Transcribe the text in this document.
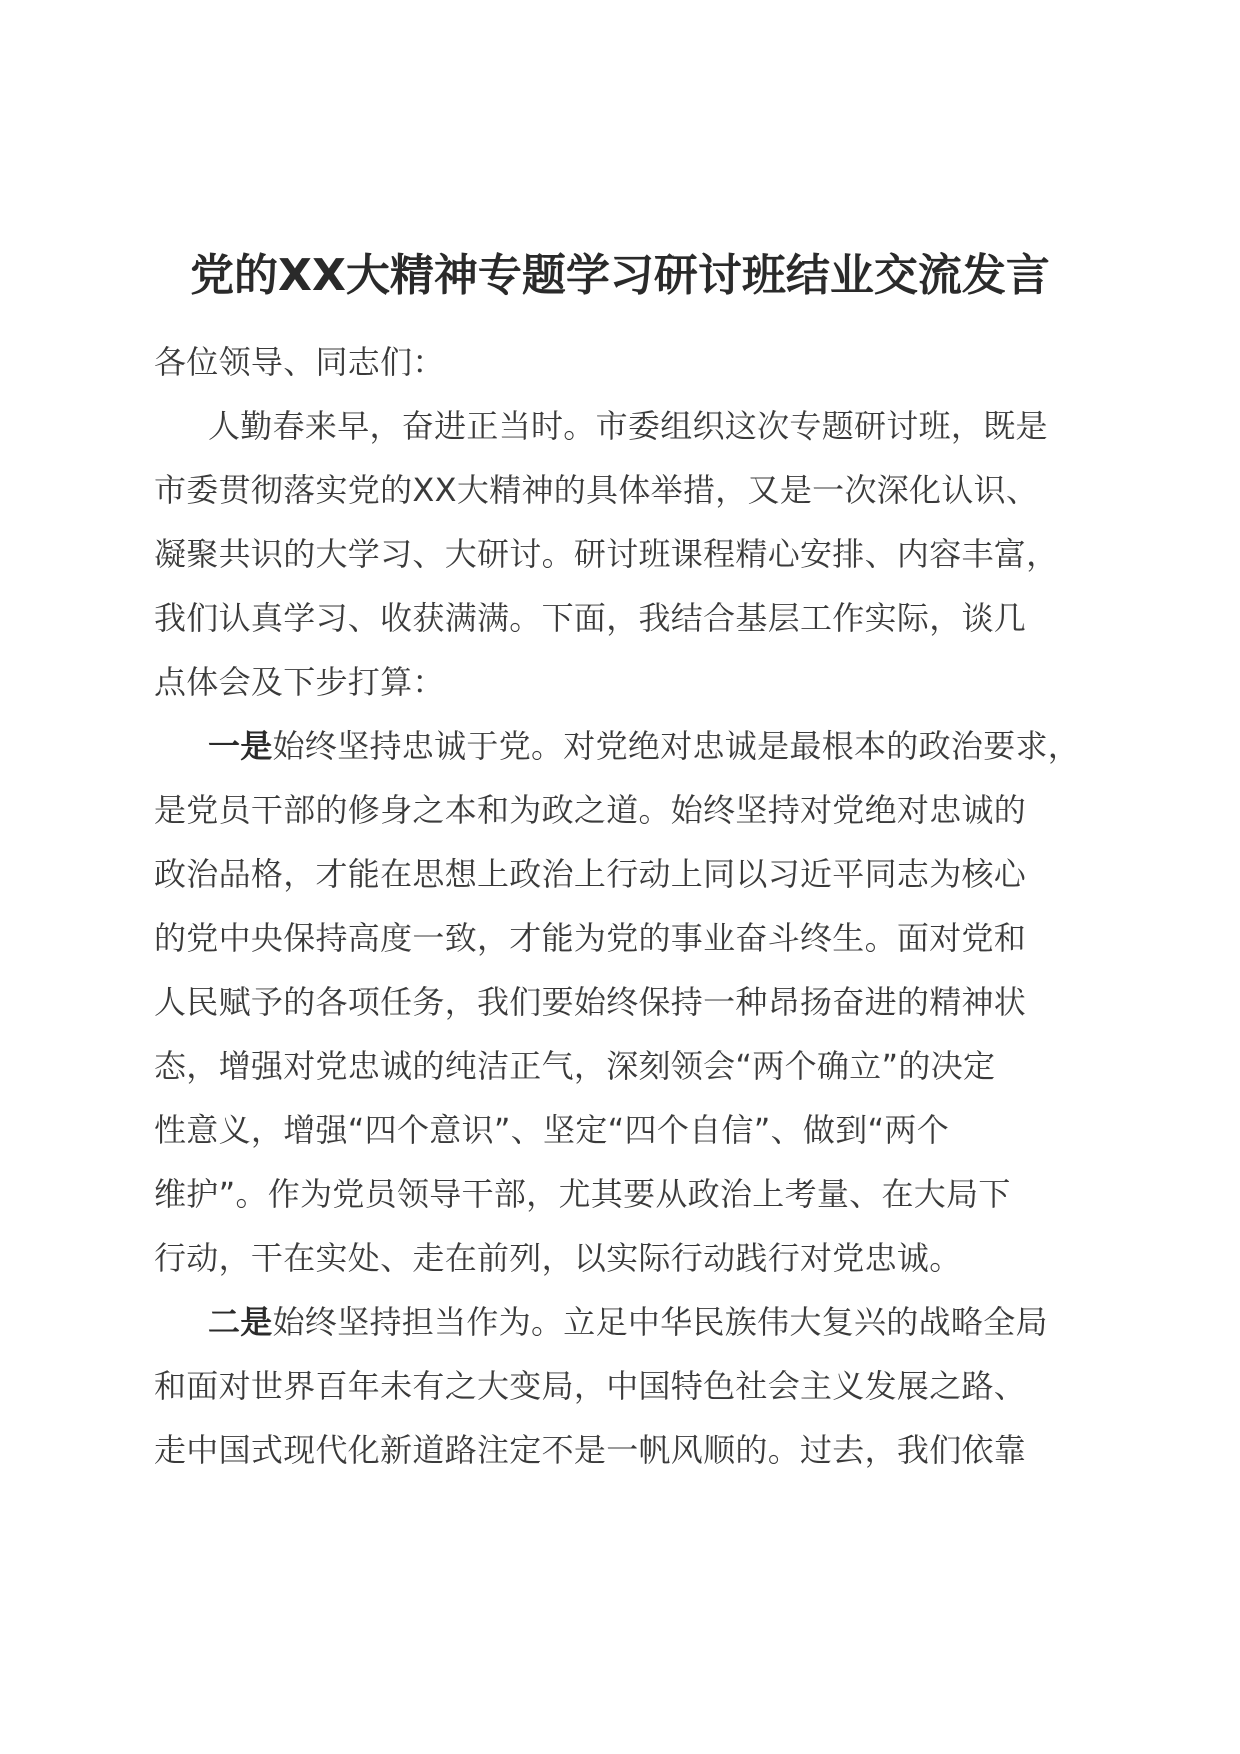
党的XX大精神专题学习研讨班结业交流发言
各位领导、同志们：
人勤春来早，奋进正当时。市委组织这次专题研讨班，既是
市委贯彻落实党的XX大精神的具体举措，又是一次深化认识、
凝聚共识的大学习、大研讨。研讨班课程精心安排、内容丰富，
我们认真学习、收获满满。下面，我结合基层工作实际，谈几
点体会及下步打算：
一是始终坚持忠诚于党。对党绝对忠诚是最根本的政治要求，
是党员干部的修身之本和为政之道。始终坚持对党绝对忠诚的
政治品格，才能在思想上政治上行动上同以习近平同志为核心
的党中央保持高度一致，才能为党的事业奋斗终生。面对党和
人民赋予的各项任务，我们要始终保持一种昂扬奋进的精神状
态，增强对党忠诚的纯洁正气，深刻领会“两个确立”的决定
性意义，增强“四个意识”、坚定“四个自信”、做到“两个
维护”。作为党员领导干部，尤其要从政治上考量、在大局下
行动，干在实处、走在前列，以实际行动践行对党忠诚。
二是始终坚持担当作为。立足中华民族伟大复兴的战略全局
和面对世界百年未有之大变局，中国特色社会主义发展之路、
走中国式现代化新道路注定不是一帆风顺的。过去，我们依靠
